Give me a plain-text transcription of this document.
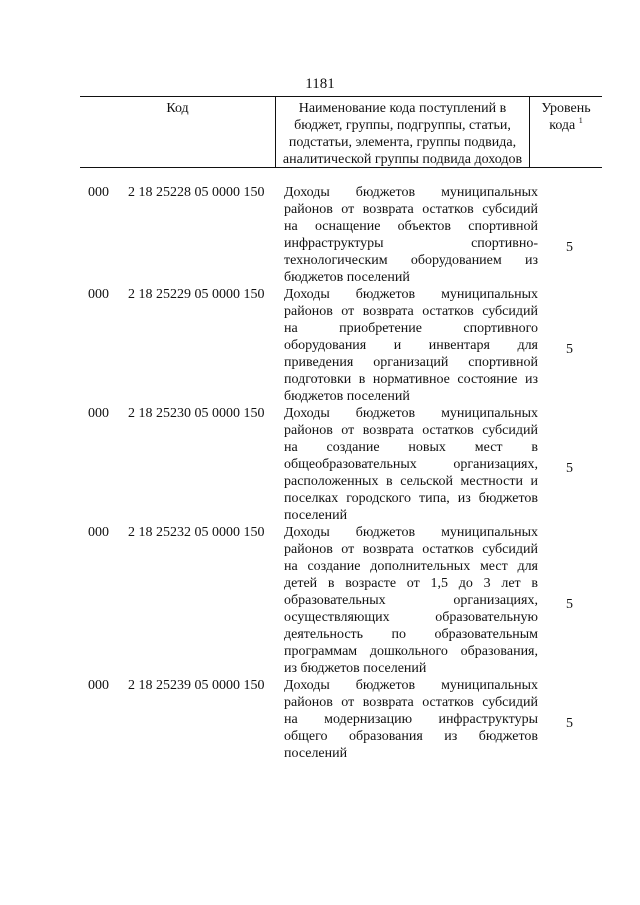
1181
Код	Наименование кода поступлений в
бюджет, группы, подгруппы, статьи,
подстатьи, элемента, группы подвида,
аналитической группы подвида доходов
Уровень
кода $^1$
000 2 18 25228 05 0000 150 Доходы бюджетов муниципальных
районов от возврата остатков субсидий
на оснащение объектов спортивной
инфраструктуры спортивно-
технологическим оборудованием из
бюджетов поселений
5
000 2 18 25229 05 0000 150 Доходы бюджетов муниципальных
районов от возврата остатков субсидий
на приобретение спортивного
оборудования и инвентаря для
приведения организаций спортивной
подготовки в нормативное состояние из
бюджетов поселений
5
000 2 18 25230 05 0000 150 Доходы бюджетов муниципальных
районов от возврата остатков субсидий
на создание новых мест в
общеобразовательных организациях,
расположенных в сельской местности и
поселках городского типа, из бюджетов
поселений
5
000 2 18 25232 05 0000 150 Доходы бюджетов муниципальных
районов от возврата остатков субсидий
на создание дополнительных мест для
детей в возрасте от 1,5 до 3 лет в
образовательных организациях,
осуществляющих образовательную
деятельность по образовательным
программам дошкольного образования,
из бюджетов поселений
5
000 2 18 25239 05 0000 150 Доходы бюджетов муниципальных
районов от возврата остатков субсидий
на модернизацию инфраструктуры
общего образования из бюджетов
поселений
5
